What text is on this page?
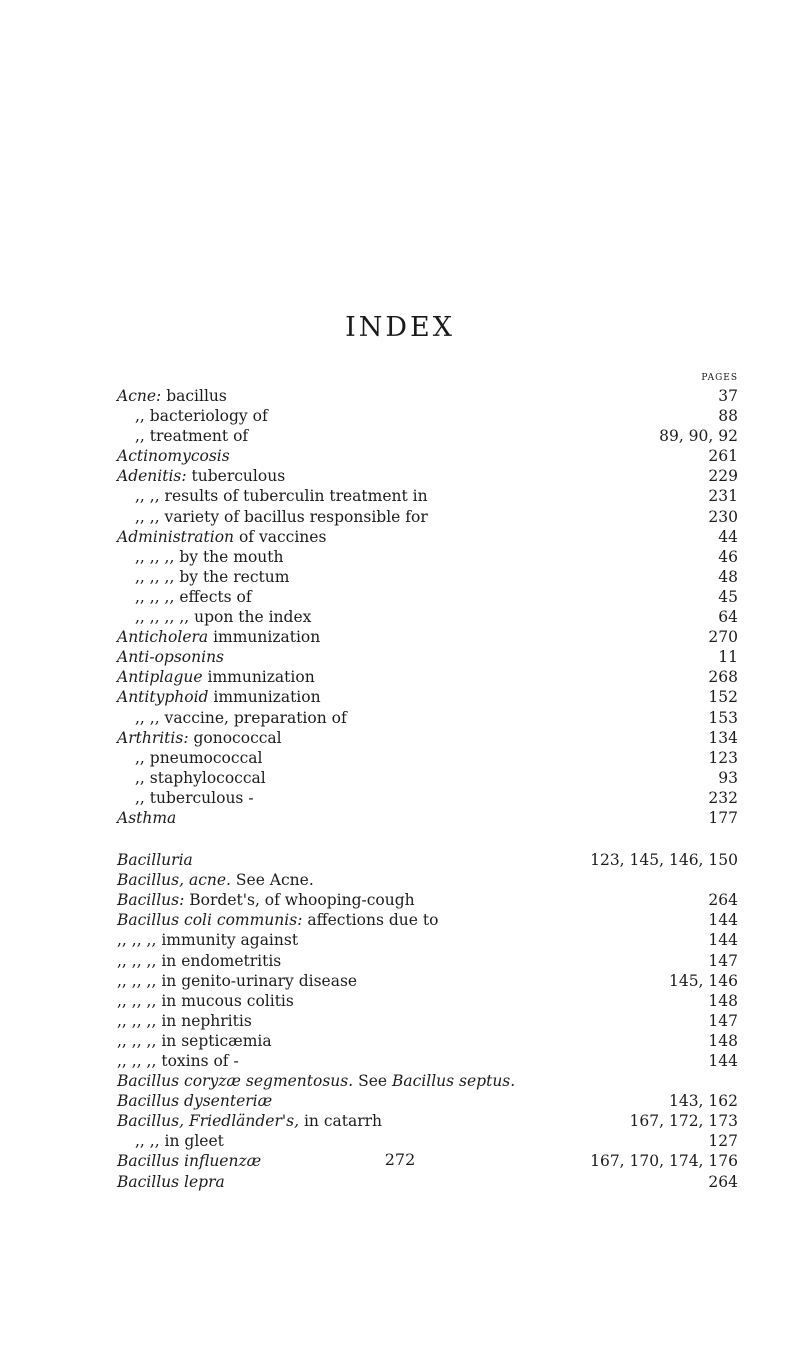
INDEX
PAGES
Acne: bacillus	37
,, bacteriology of	88
,, treatment of	89, 90, 92
Actinomycosis	261
Adenitis: tuberculous	229
,, ,, results of tuberculin treatment in	231
,, ,, variety of bacillus responsible for	230
Administration of vaccines	44
,, ,, ,, by the mouth	46
,, ,, ,, by the rectum	48
,, ,, ,, effects of	45
,, ,, ,, ,, upon the index	64
Anticholera immunization	270
Anti-opsonins	11
Antiplague immunization	268
Antityphoid immunization	152
,, ,, vaccine, preparation of	153
Arthritis: gonococcal	134
,, pneumococcal	123
,, staphylococcal	93
,, tuberculous -	232
Asthma	177
Bacilluria	123, 145, 146, 150
Bacillus, acne. See Acne.
Bacillus: Bordet's, of whooping-cough	264
Bacillus coli communis: affections due to	144
,, ,, ,, immunity against	144
,, ,, ,, in endometritis	147
,, ,, ,, in genito-urinary disease	145, 146
,, ,, ,, in mucous colitis	148
,, ,, ,, in nephritis	147
,, ,, ,, in septicæmia	148
,, ,, ,, toxins of -	144
Bacillus coryzæ segmentosus. See Bacillus septus.
Bacillus dysenteriæ	143, 162
Bacillus, Friedländer's, in catarrh	167, 172, 173
,, ,, in gleet	127
Bacillus influenzæ	167, 170, 174, 176
Bacillus lepra	264
272
